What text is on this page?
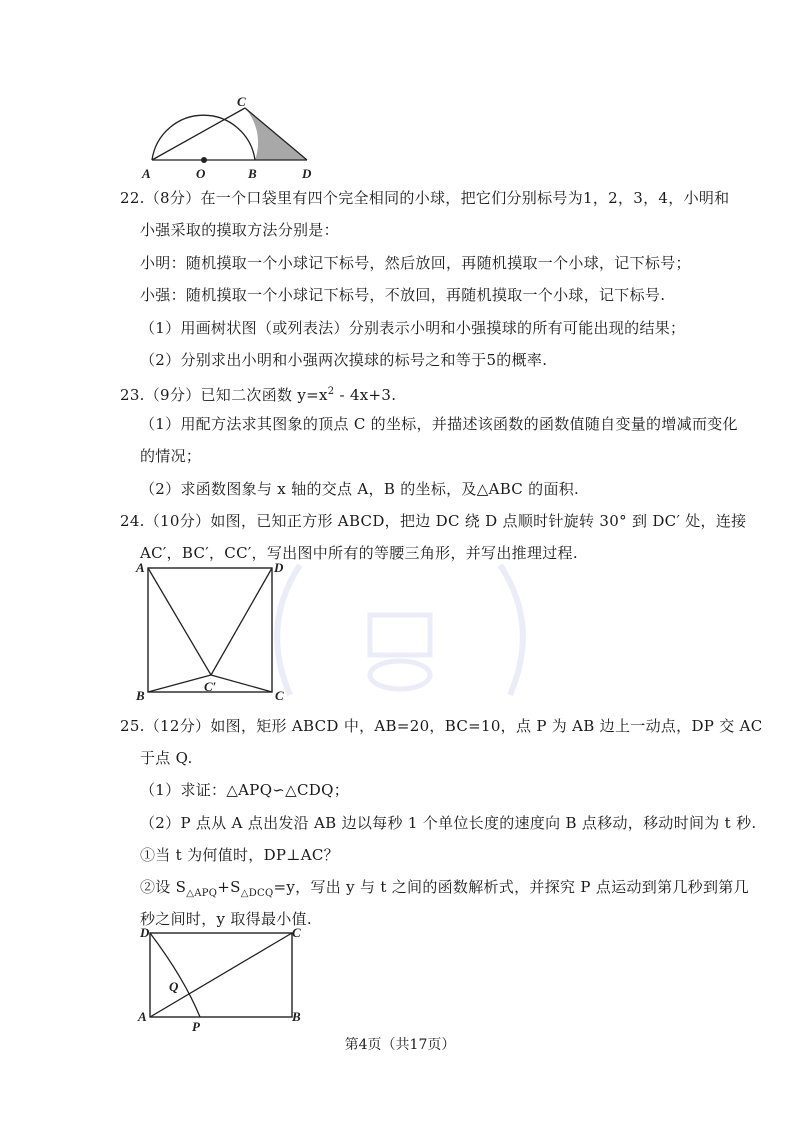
C
A	O	B	D
22.（8分）在一个口袋里有四个完全相同的小球，把它们分别标号为1，2，3，4，小明和
小强采取的摸取方法分别是：
小明：随机摸取一个小球记下标号，然后放回，再随机摸取一个小球，记下标号；
小强：随机摸取一个小球记下标号，不放回，再随机摸取一个小球，记下标号.
（1）用画树状图（或列表法）分别表示小明和小强摸球的所有可能出现的结果；
（2）分别求出小明和小强两次摸球的标号之和等于5的概率.
23.（9分）已知二次函数 $y=x^2 - 4x+3$.
（1）用配方法求其图象的顶点 C 的坐标，并描述该函数的函数值随自变量的增减而变化
的情况；
（2）求函数图象与 x 轴的交点 A，B 的坐标，及△ABC 的面积.
24.（10分）如图，已知正方形 ABCD，把边 DC 绕 D 点顺时针旋转 30° 到 DC′ 处，连接
AC′，BC′，CC′，写出图中所有的等腰三角形，并写出推理过程.
A	D
B	C
C′
25.（12分）如图，矩形 ABCD 中，AB=20，BC=10，点 P 为 AB 边上一动点，DP 交 AC
于点 Q.
（1）求证：△APQ∽△CDQ；
（2）P 点从 A 点出发沿 AB 边以每秒 1 个单位长度的速度向 B 点移动，移动时间为 t 秒.
①当 t 为何值时，DP⊥AC？
②设 $S_{\triangle APQ}+S_{\triangle DCQ}=y$，写出 y 与 t 之间的函数解析式，并探究 P 点运动到第几秒到第几
秒之间时，y 取得最小值.
D	C
Q
A
P
B
第4页（共17页）
